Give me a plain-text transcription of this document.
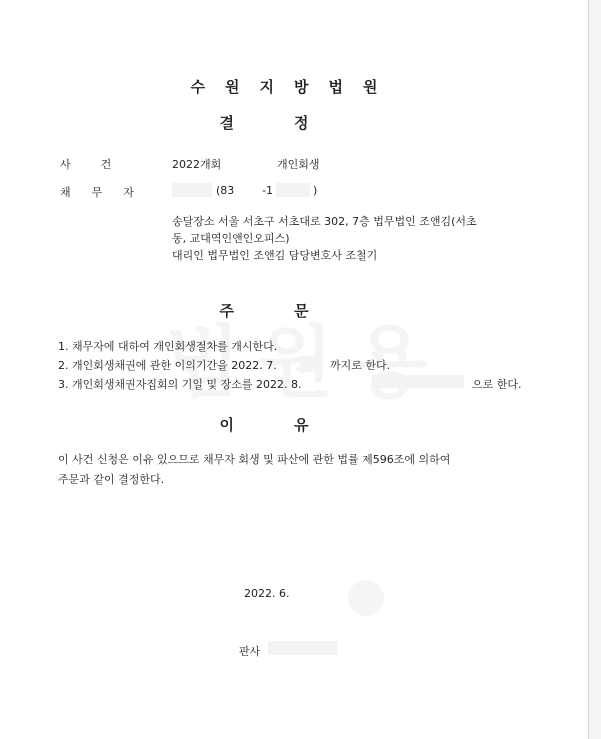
수원지방법원
결정
사건	2022개회	개인회생
채무자	(83	-1	)
송달장소 서울 서초구 서초대로 302, 7층 법무법인 조앤김(서초
동, 교대역인앤인오피스)
대리인 법무법인 조앤김 담당변호사 조철기
주문
1. 채무자에 대하여 개인회생절차를 개시한다.
2. 개인회생채권에 관한 이의기간을 2022. 7.	까지로 한다.
3. 개인회생채권자집회의 기일 및 장소를 2022. 8.	으로 한다.
이유
이 사건 신청은 이유 있으므로 채무자 회생 및 파산에 관한 법률 제596조에 의하여
주문과 같이 결정한다.
2022. 6.
판사
